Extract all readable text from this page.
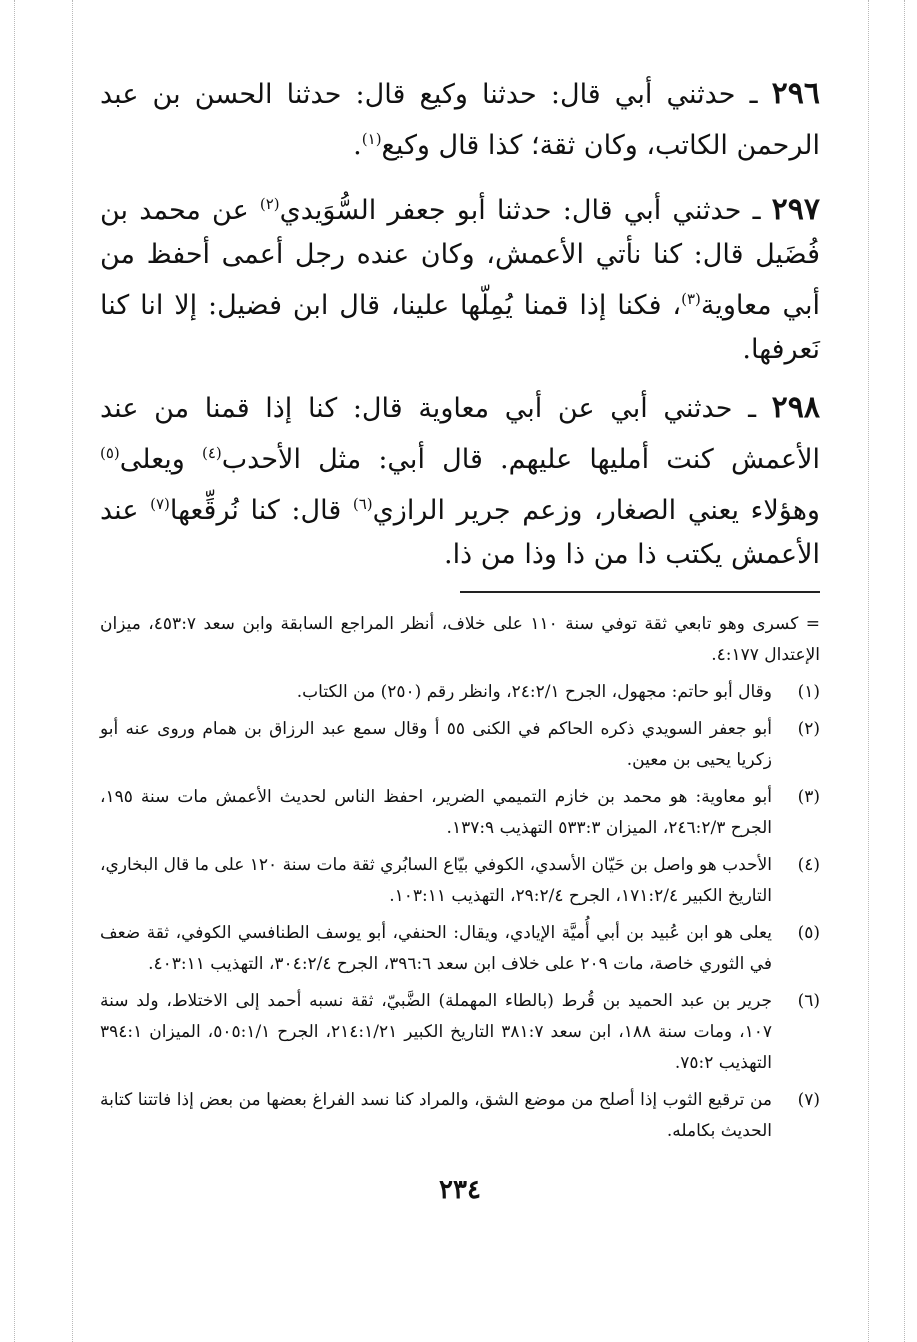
٢٩٦ ـ حدثني أبي قال: حدثنا وكيع قال: حدثنا الحسن بن عبد الرحمن الكاتب، وكان ثقة؛ كذا قال وكيع$^{(١)}$.

٢٩٧ ـ حدثني أبي قال: حدثنا أبو جعفر السُّوَيدي$^{(٢)}$ عن محمد بن فُضَيل قال: كنا نأتي الأعمش، وكان عنده رجل أعمى أحفظ من أبي معاوية$^{(٣)}$، فكنا إذا قمنا يُمِلّها علينا، قال ابن فضيل: إلا انا كنا نَعرفها.

٢٩٨ ـ حدثني أبي عن أبي معاوية قال: كنا إذا قمنا من عند الأعمش كنت أمليها عليهم. قال أبي: مثل الأحدب$^{(٤)}$ ويعلى$^{(٥)}$ وهؤلاء يعني الصغار، وزعم جرير الرازي$^{(٦)}$ قال: كنا نُرقِّعها$^{(٧)}$ عند الأعمش يكتب ذا من ذا وذا من ذا.

= كسرى وهو تابعي ثقة توفي سنة ١١٠ على خلاف، أنظر المراجع السابقة وابن سعد ٤٥٣:٧، ميزان الإعتدال ٤:١٧٧.

(١)
وقال أبو حاتم: مجهول، الجرح ٢٤:٢/١، وانظر رقم (٢٥٠) من الكتاب.

(٢)
أبو جعفر السويدي ذكره الحاكم في الكنى ٥٥ أ وقال سمع عبد الرزاق بن همام وروى عنه أبو زكريا يحيى بن معين.

(٣)
أبو معاوية: هو محمد بن خازم التميمي الضرير، احفظ الناس لحديث الأعمش مات سنة ١٩٥، الجرح ٢٤٦:٢/٣، الميزان ٥٣٣:٣ التهذيب ١٣٧:٩.

(٤)
الأحدب هو واصل بن حَيّان الأسدي، الكوفي بيّاع السابُري ثقة مات سنة ١٢٠ على ما قال البخاري، التاريخ الكبير ١٧١:٢/٤، الجرح ٢٩:٢/٤، التهذيب ١٠٣:١١.

(٥)
يعلى هو ابن عُبيد بن أبي أُميَّة الإيادي، ويقال: الحنفي، أبو يوسف الطنافسي الكوفي، ثقة ضعف في الثوري خاصة، مات ٢٠٩ على خلاف ابن سعد ٣٩٦:٦، الجرح ٣٠٤:٢/٤، التهذيب ٤٠٣:١١.

(٦)
جرير بن عبد الحميد بن قُرط (بالطاء المهملة) الضَّبيّ، ثقة نسبه أحمد إلى الاختلاط، ولد سنة ١٠٧، ومات سنة ١٨٨، ابن سعد ٣٨١:٧ التاريخ الكبير ٢١٤:١/٢١، الجرح ٥٠٥:١/١، الميزان ٣٩٤:١ التهذيب ٧٥:٢.

(٧)
من ترقيع الثوب إذا أصلح من موضع الشق، والمراد كنا نسد الفراغ بعضها من بعض إذا فاتتنا كتابة الحديث بكامله.

٢٣٤
